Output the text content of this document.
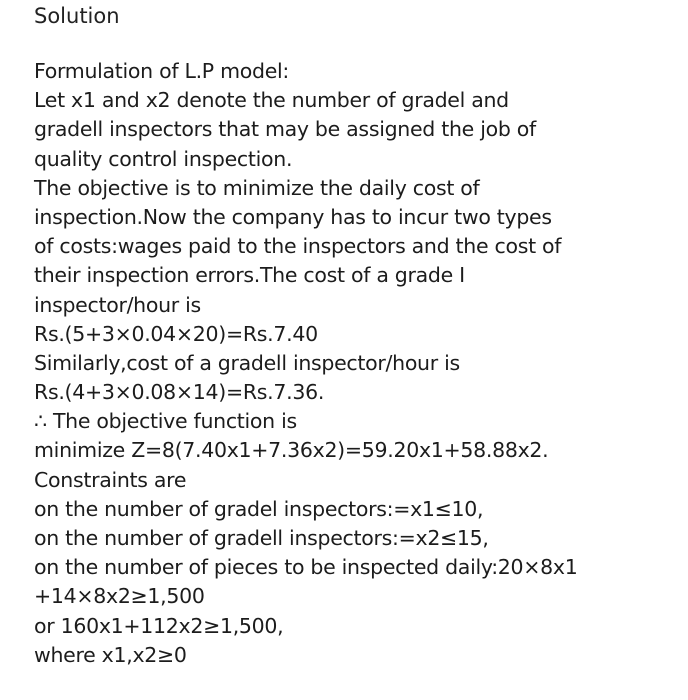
Solution
Formulation of L.P model:
Let x1 and x2 denote the number of gradel and
gradell inspectors that may be assigned the job of
quality control inspection.
The objective is to minimize the daily cost of
inspection.Now the company has to incur two types
of costs:wages paid to the inspectors and the cost of
their inspection errors.The cost of a grade I
inspector/hour is
Rs.(5+3×0.04×20)=Rs.7.40
Similarly,cost of a gradell inspector/hour is
Rs.(4+3×0.08×14)=Rs.7.36.
∴ The objective function is
minimize Z=8(7.40x1+7.36x2)=59.20x1+58.88x2.
Constraints are
on the number of gradel inspectors:=x1≤10,
on the number of gradell inspectors:=x2≤15,
on the number of pieces to be inspected daily:20×8x1
+14×8x2≥1,500
or 160x1+112x2≥1,500,
where x1,x2≥0
